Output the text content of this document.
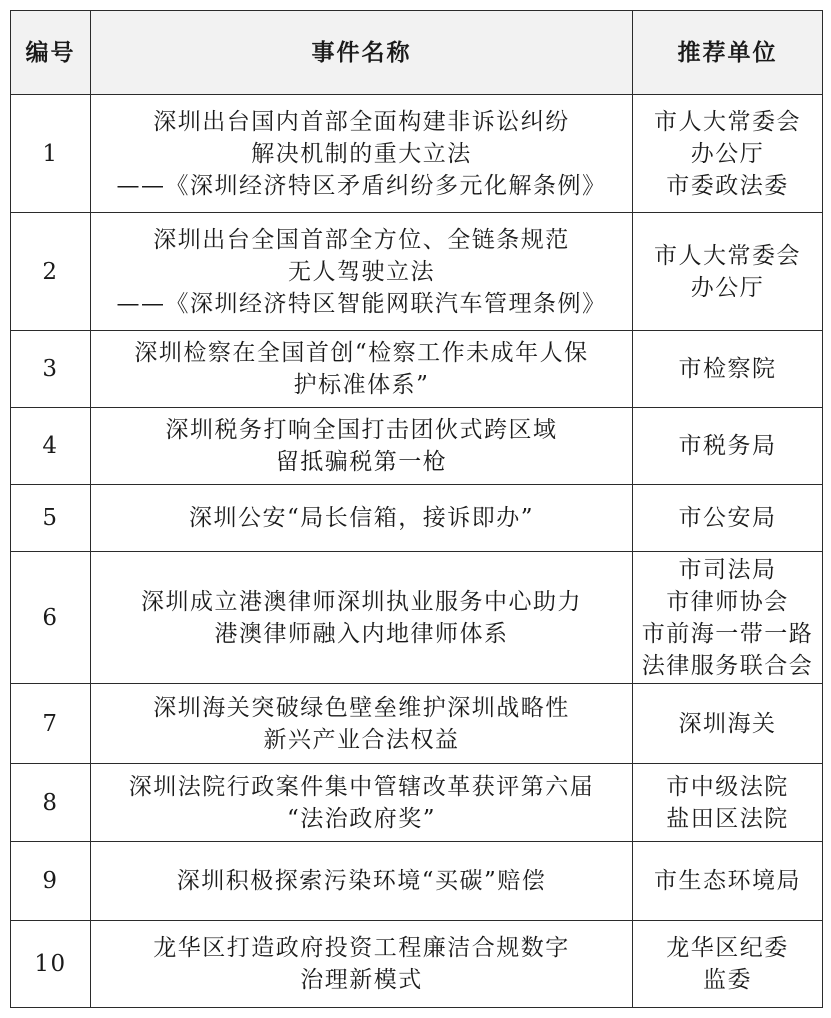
编号	事件名称	推荐单位
1	深圳出台国内首部全面构建非诉讼纠纷
解决机制的重大立法
——《深圳经济特区矛盾纠纷多元化解条例》	市人大常委会
办公厅
市委政法委

2	深圳出台全国首部全方位、全链条规范
无人驾驶立法
——《深圳经济特区智能网联汽车管理条例》	市人大常委会
办公厅

3	深圳检察在全国首创“检察工作未成年人保
护标准体系”	市检察院

4	深圳税务打响全国打击团伙式跨区域
留抵骗税第一枪	市税务局

5	深圳公安“局长信箱，接诉即办”	市公安局

6	深圳成立港澳律师深圳执业服务中心助力
港澳律师融入内地律师体系	市司法局
市律师协会
市前海一带一路
法律服务联合会

7	深圳海关突破绿色壁垒维护深圳战略性
新兴产业合法权益	深圳海关

8	深圳法院行政案件集中管辖改革获评第六届
“法治政府奖”	市中级法院
盐田区法院

9	深圳积极探索污染环境“买碳”赔偿	市生态环境局

10	龙华区打造政府投资工程廉洁合规数字
治理新模式	龙华区纪委
监委
